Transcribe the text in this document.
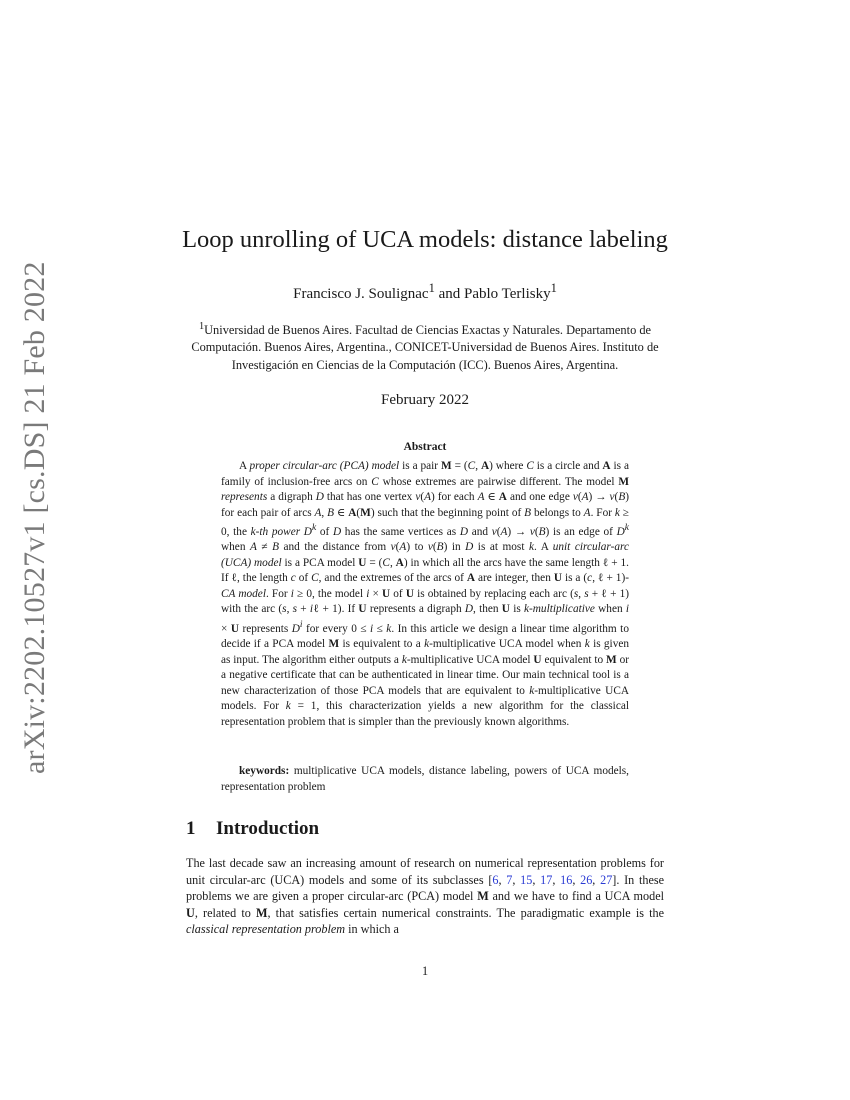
arXiv:2202.10527v1 [cs.DS] 21 Feb 2022
Loop unrolling of UCA models: distance labeling
Francisco J. Soulignac$^1$ and Pablo Terlisky$^1$
$^1$Universidad de Buenos Aires. Facultad de Ciencias Exactas y Naturales. Departamento de Computación. Buenos Aires, Argentina., CONICET-Universidad de Buenos Aires. Instituto de Investigación en Ciencias de la Computación (ICC). Buenos Aires, Argentina.
February 2022
Abstract

A proper circular-arc (PCA) model is a pair M = (C, A) where C is a circle and A is a family of inclusion-free arcs on C whose extremes are pairwise different. The model M represents a digraph D that has one vertex v(A) for each A ∈ A and one edge v(A) → v(B) for each pair of arcs A, B ∈ A(M) such that the beginning point of B belongs to A. For k ≥ 0, the k-th power $D^k$ of D has the same vertices as D and v(A) → v(B) is an edge of $D^k$ when A ≠ B and the distance from v(A) to v(B) in D is at most k. A unit circular-arc (UCA) model is a PCA model U = (C, A) in which all the arcs have the same length ℓ + 1. If ℓ, the length c of C, and the extremes of the arcs of A are integer, then U is a (c, ℓ + 1)-CA model. For i ≥ 0, the model i × U of U is obtained by replacing each arc (s, s + ℓ + 1) with the arc (s, s + iℓ + 1). If U represents a digraph D, then U is k-multiplicative when i × U represents $D^i$ for every 0 ≤ i ≤ k. In this article we design a linear time algorithm to decide if a PCA model M is equivalent to a k-multiplicative UCA model when k is given as input. The algorithm either outputs a k-multiplicative UCA model U equivalent to M or a negative certificate that can be authenticated in linear time. Our main technical tool is a new characterization of those PCA models that are equivalent to k-multiplicative UCA models. For k = 1, this characterization yields a new algorithm for the classical representation problem that is simpler than the previously known algorithms.

keywords: multiplicative UCA models, distance labeling, powers of UCA models, representation problem
1 Introduction

The last decade saw an increasing amount of research on numerical representation problems for unit circular-arc (UCA) models and some of its subclasses [6, 7, 15, 17, 16, 26, 27]. In these problems we are given a proper circular-arc (PCA) model M and we have to find a UCA model U, related to M, that satisfies certain numerical constraints. The paradigmatic example is the classical representation problem in which a

1
